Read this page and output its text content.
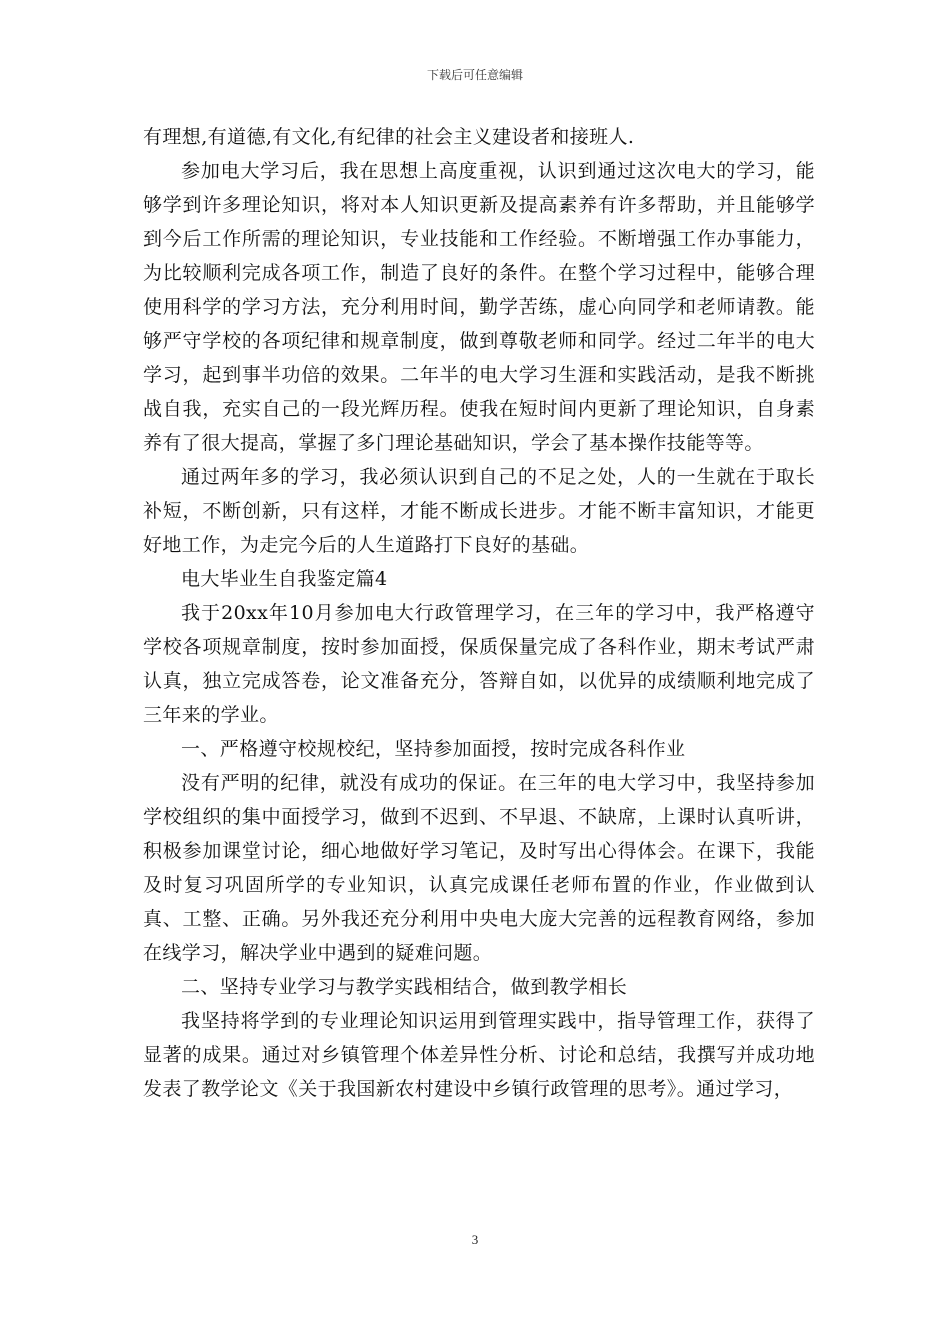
下载后可任意编辑

有理想,有道德,有文化,有纪律的社会主义建设者和接班人.

参加电大学习后，我在思想上高度重视，认识到通过这次电大的学习，能够学到许多理论知识，将对本人知识更新及提高素养有许多帮助，并且能够学到今后工作所需的理论知识，专业技能和工作经验。不断增强工作办事能力，为比较顺利完成各项工作，制造了良好的条件。在整个学习过程中，能够合理使用科学的学习方法，充分利用时间，勤学苦练，虚心向同学和老师请教。能够严守学校的各项纪律和规章制度，做到尊敬老师和同学。经过二年半的电大学习，起到事半功倍的效果。二年半的电大学习生涯和实践活动，是我不断挑战自我，充实自己的一段光辉历程。使我在短时间内更新了理论知识，自身素养有了很大提高，掌握了多门理论基础知识，学会了基本操作技能等等。

通过两年多的学习，我必须认识到自己的不足之处，人的一生就在于取长补短，不断创新，只有这样，才能不断成长进步。才能不断丰富知识，才能更好地工作，为走完今后的人生道路打下良好的基础。

电大毕业生自我鉴定篇4

我于20xx年10月参加电大行政管理学习，在三年的学习中，我严格遵守学校各项规章制度，按时参加面授，保质保量完成了各科作业，期末考试严肃认真，独立完成答卷，论文准备充分，答辩自如，以优异的成绩顺利地完成了三年来的学业。

一、严格遵守校规校纪，坚持参加面授，按时完成各科作业

没有严明的纪律，就没有成功的保证。在三年的电大学习中，我坚持参加学校组织的集中面授学习，做到不迟到、不早退、不缺席，上课时认真听讲，积极参加课堂讨论，细心地做好学习笔记，及时写出心得体会。在课下，我能及时复习巩固所学的专业知识，认真完成课任老师布置的作业，作业做到认真、工整、正确。另外我还充分利用中央电大庞大完善的远程教育网络，参加在线学习，解决学业中遇到的疑难问题。

二、坚持专业学习与教学实践相结合，做到教学相长

我坚持将学到的专业理论知识运用到管理实践中，指导管理工作，获得了显著的成果。通过对乡镇管理个体差异性分析、讨论和总结，我撰写并成功地发表了教学论文《关于我国新农村建设中乡镇行政管理的思考》。通过学习，

3
